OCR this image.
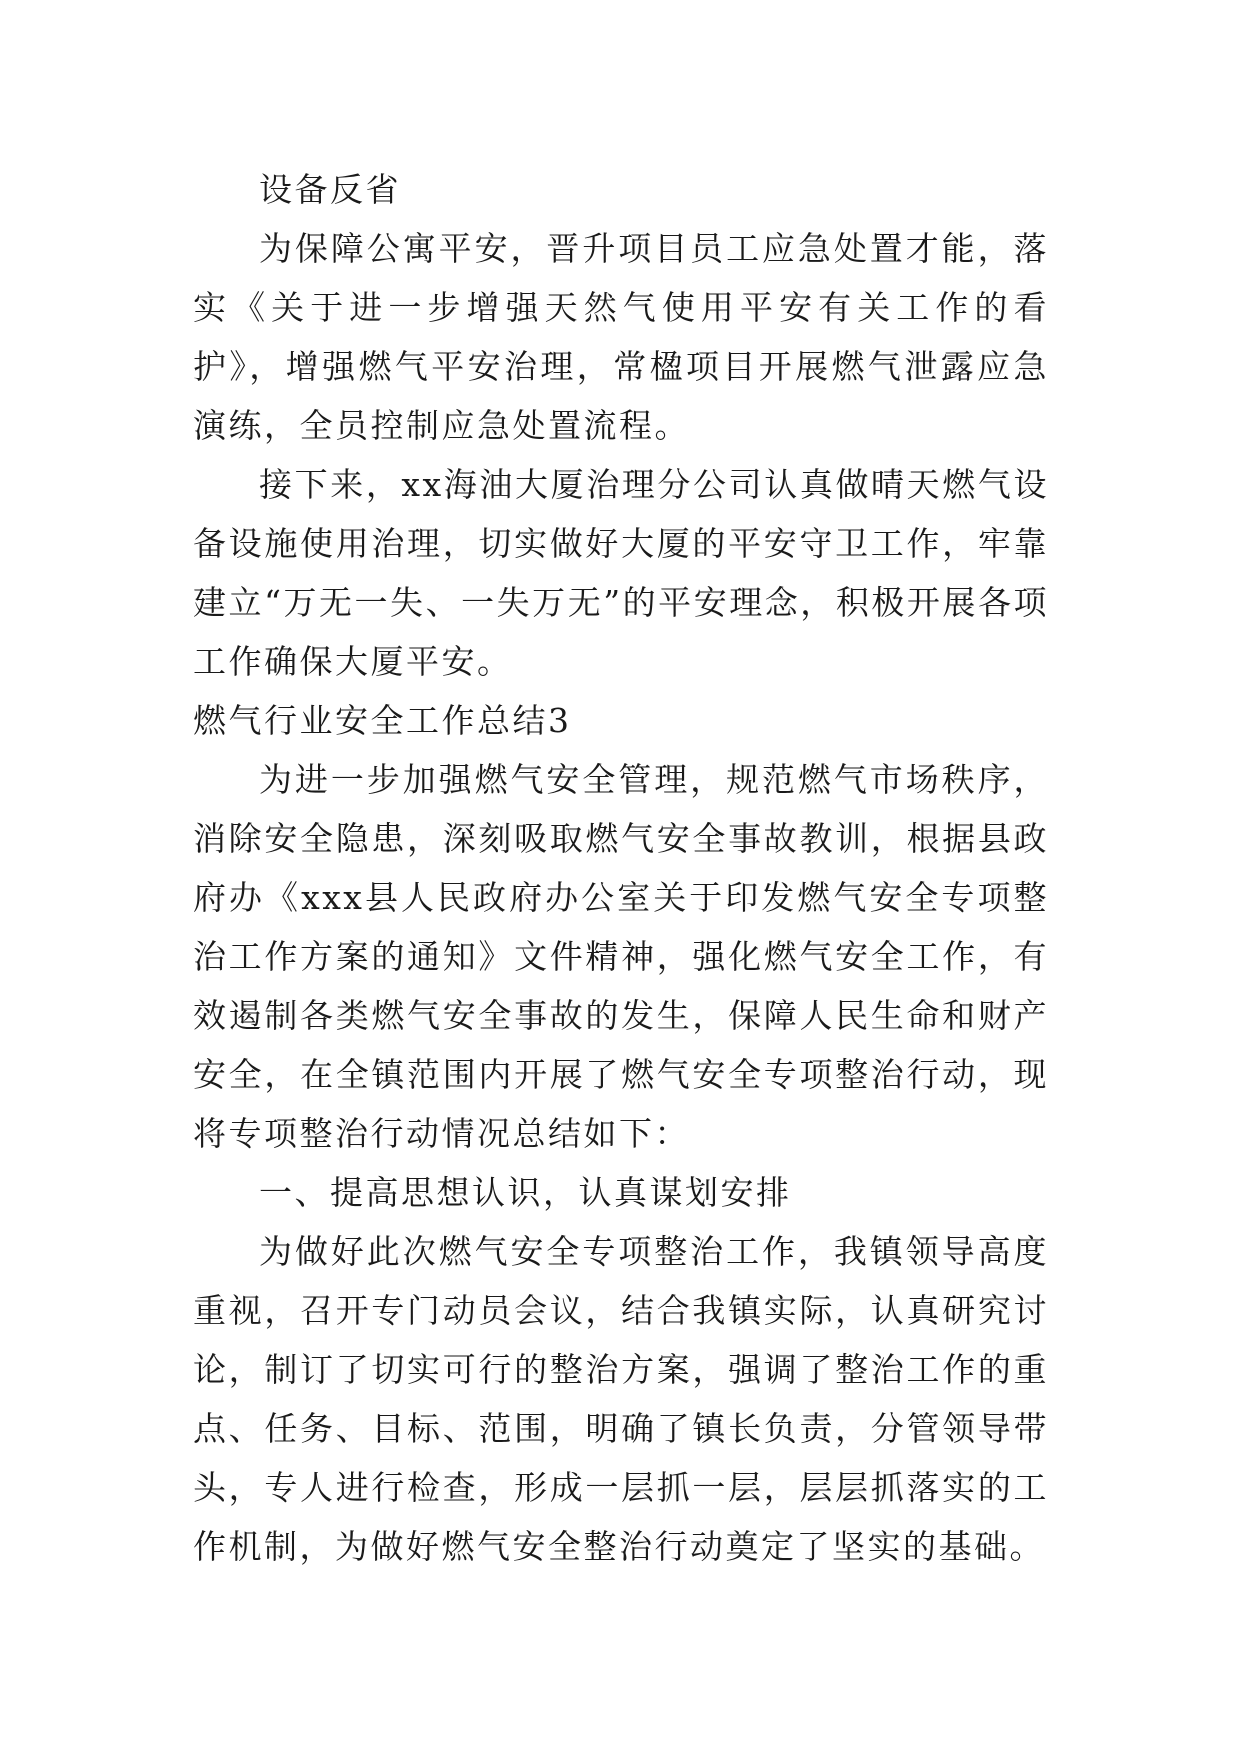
设备反省

为保障公寓平安，晋升项目员工应急处置才能，落实《关于进一步增强天然气使用平安有关工作的看护》，增强燃气平安治理，常楹项目开展燃气泄露应急演练，全员控制应急处置流程。

接下来，xx海油大厦治理分公司认真做晴天燃气设备设施使用治理，切实做好大厦的平安守卫工作，牢靠建立“万无一失、一失万无”的平安理念，积极开展各项工作确保大厦平安。

燃气行业安全工作总结3

为进一步加强燃气安全管理，规范燃气市场秩序，消除安全隐患，深刻吸取燃气安全事故教训，根据县政府办《xxx县人民政府办公室关于印发燃气安全专项整治工作方案的通知》文件精神，强化燃气安全工作，有效遏制各类燃气安全事故的发生，保障人民生命和财产安全，在全镇范围内开展了燃气安全专项整治行动，现将专项整治行动情况总结如下：

一、提高思想认识，认真谋划安排

为做好此次燃气安全专项整治工作，我镇领导高度重视，召开专门动员会议，结合我镇实际，认真研究讨论，制订了切实可行的整治方案，强调了整治工作的重点、任务、目标、范围，明确了镇长负责，分管领导带头，专人进行检查，形成一层抓一层，层层抓落实的工作机制，为做好燃气安全整治行动奠定了坚实的基础。
